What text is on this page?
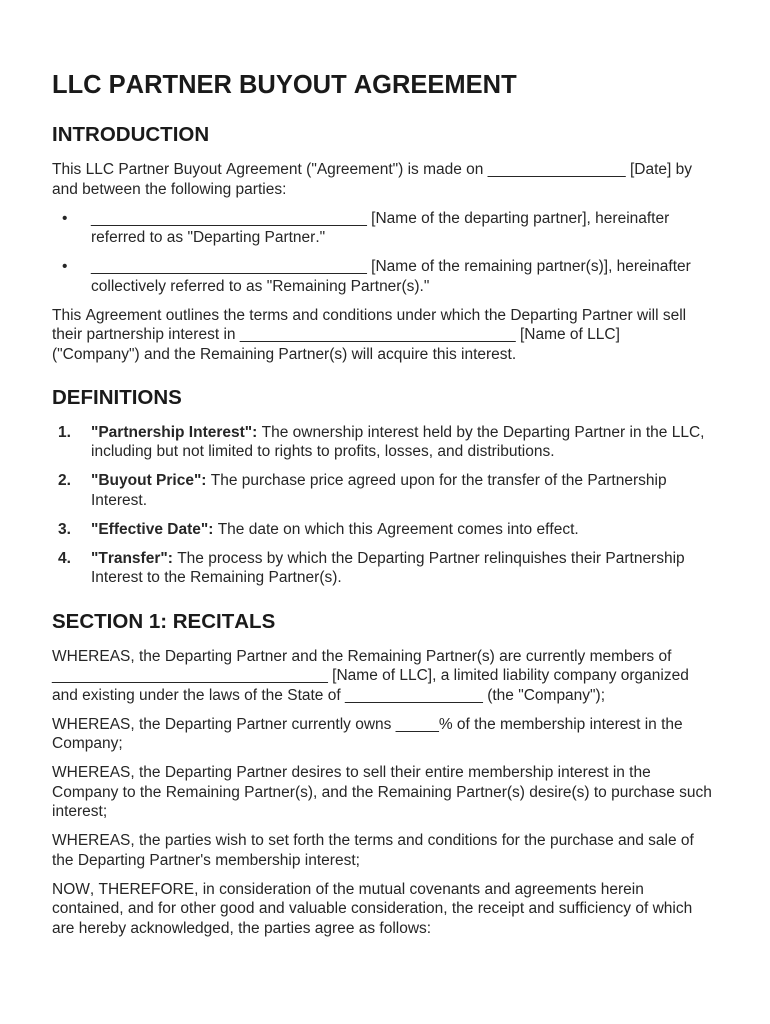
LLC PARTNER BUYOUT AGREEMENT
INTRODUCTION
This LLC Partner Buyout Agreement ("Agreement") is made on ________________ [Date] by
and between the following parties:
• ________________________________ [Name of the departing partner], hereinafter
referred to as "Departing Partner."
• ________________________________ [Name of the remaining partner(s)], hereinafter
collectively referred to as "Remaining Partner(s)."
This Agreement outlines the terms and conditions under which the Departing Partner will sell
their partnership interest in ________________________________ [Name of LLC]
("Company") and the Remaining Partner(s) will acquire this interest.
DEFINITIONS
1. "Partnership Interest": The ownership interest held by the Departing Partner in the LLC,
including but not limited to rights to profits, losses, and distributions.
2. "Buyout Price": The purchase price agreed upon for the transfer of the Partnership
Interest.
3. "Effective Date": The date on which this Agreement comes into effect.
4. "Transfer": The process by which the Departing Partner relinquishes their Partnership
Interest to the Remaining Partner(s).
SECTION 1: RECITALS
WHEREAS, the Departing Partner and the Remaining Partner(s) are currently members of
________________________________ [Name of LLC], a limited liability company organized
and existing under the laws of the State of ________________ (the "Company");
WHEREAS, the Departing Partner currently owns _____% of the membership interest in the
Company;
WHEREAS, the Departing Partner desires to sell their entire membership interest in the
Company to the Remaining Partner(s), and the Remaining Partner(s) desire(s) to purchase such
interest;
WHEREAS, the parties wish to set forth the terms and conditions for the purchase and sale of
the Departing Partner's membership interest;
NOW, THEREFORE, in consideration of the mutual covenants and agreements herein
contained, and for other good and valuable consideration, the receipt and sufficiency of which
are hereby acknowledged, the parties agree as follows:
